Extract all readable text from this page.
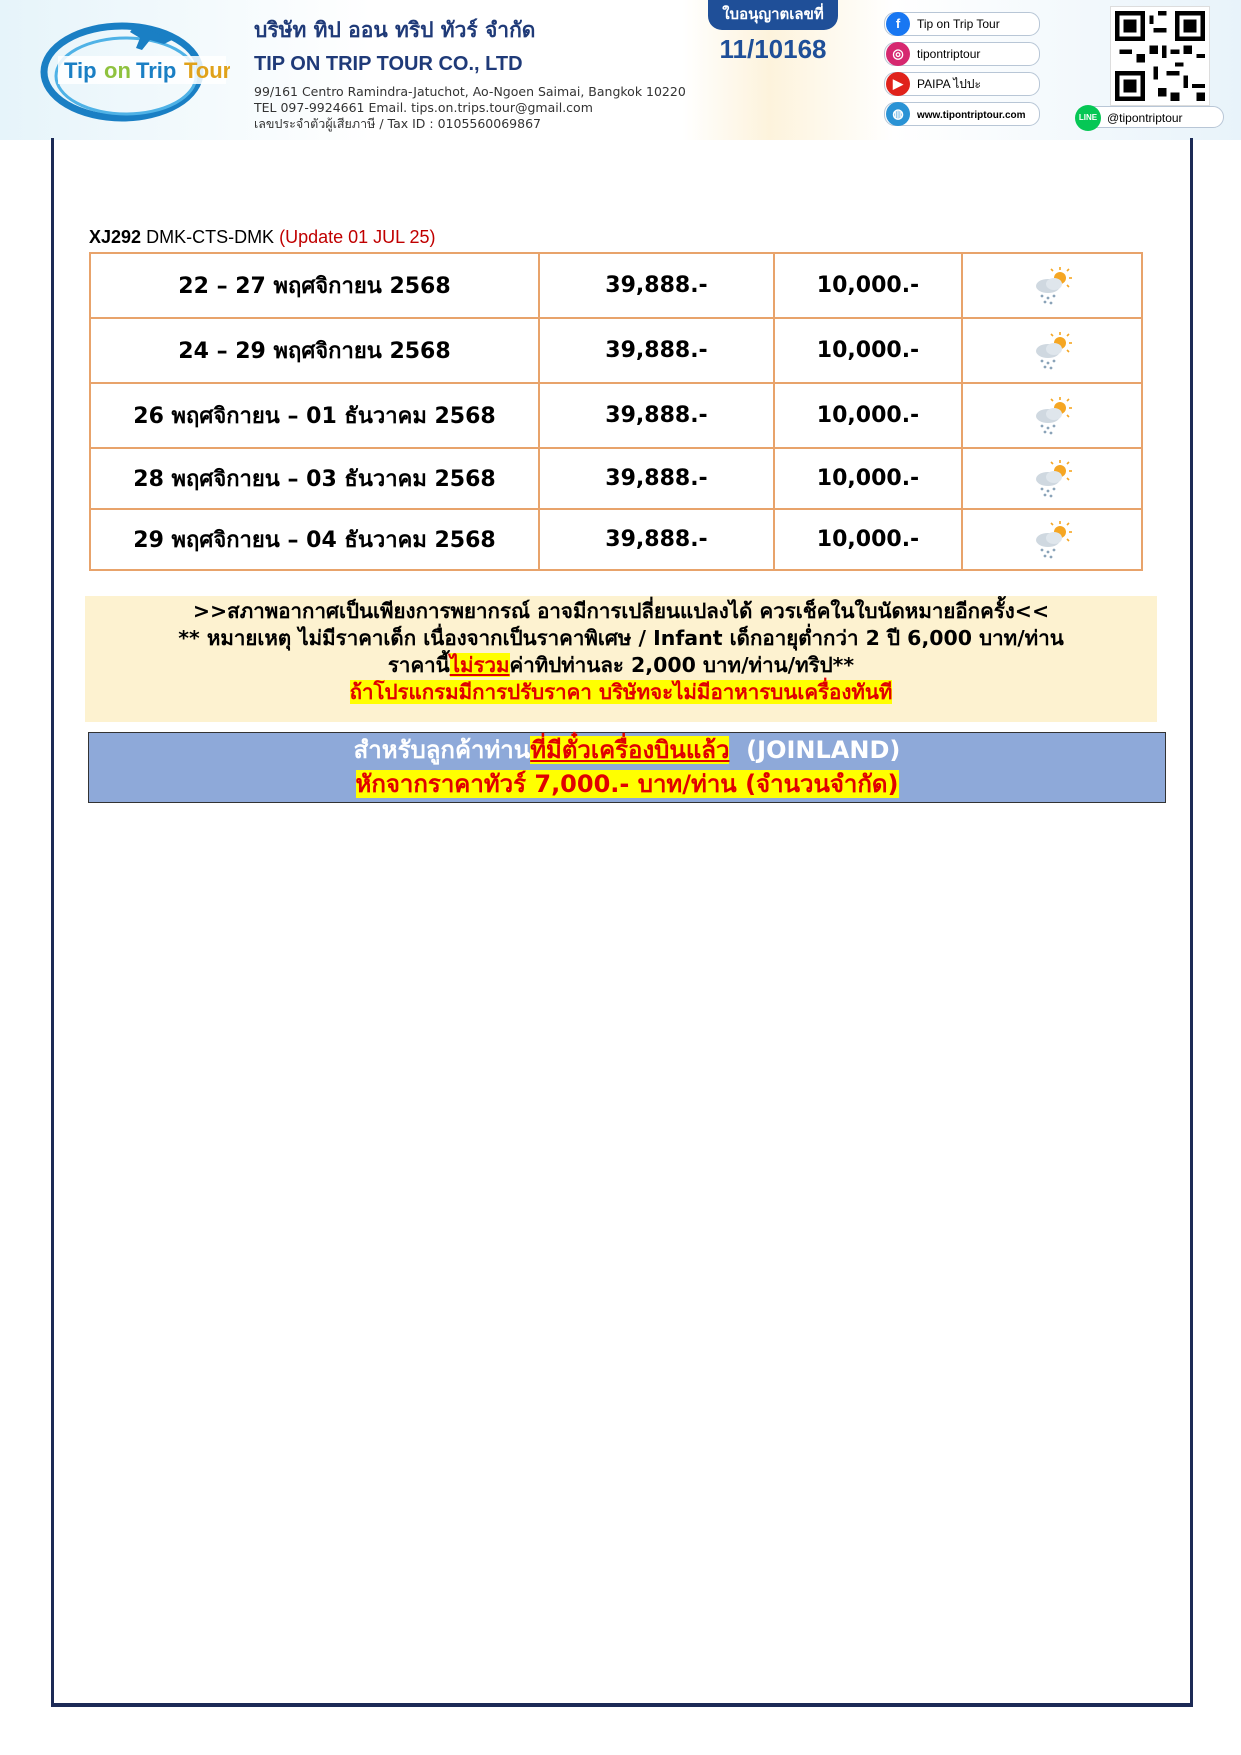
Tip on Trip Tour
บริษัท ทิป ออน ทริป ทัวร์ จำกัด
TIP ON TRIP TOUR CO., LTD
99/161 Centro Ramindra-Jatuchot, Ao-Ngoen Saimai, Bangkok 10220
TEL 097-9924661 Email. tips.on.trips.tour@gmail.com
เลขประจำตัวผู้เสียภาษี / Tax ID : 0105560069867
ใบอนุญาตเลขที่
11/10168
f	Tip on Trip Tour
◎	tipontriptour
▶	PAIPA ไปปะ
◍	www.tipontriptour.com	LINE @tipontriptour
XJ292 DMK-CTS-DMK (Update 01 JUL 25)
22 – 27 พฤศจิกายน 2568	39,888.-	10,000.-	
24 – 29 พฤศจิกายน 2568	39,888.-	10,000.-	
26 พฤศจิกายน – 01 ธันวาคม 2568	39,888.-	10,000.-	
28 พฤศจิกายน – 03 ธันวาคม 2568	39,888.-	10,000.-	
29 พฤศจิกายน – 04 ธันวาคม 2568	39,888.-	10,000.-	
>>สภาพอากาศเป็นเพียงการพยากรณ์ อาจมีการเปลี่ยนแปลงได้ ควรเช็คในใบนัดหมายอีกครั้ง<<
** หมายเหตุ ไม่มีราคาเด็ก เนื่องจากเป็นราคาพิเศษ / Infant เด็กอายุต่ำกว่า 2 ปี 6,000 บาท/ท่าน
ราคานี้ไม่รวมค่าทิปท่านละ 2,000 บาท/ท่าน/ทริป**
ถ้าโปรแกรมมีการปรับราคา บริษัทจะไม่มีอาหารบนเครื่องทันที
สำหรับลูกค้าท่านที่มีตั๋วเครื่องบินแล้ว  (JOINLAND)
หักจากราคาทัวร์ 7,000.- บาท/ท่าน (จำนวนจำกัด)
